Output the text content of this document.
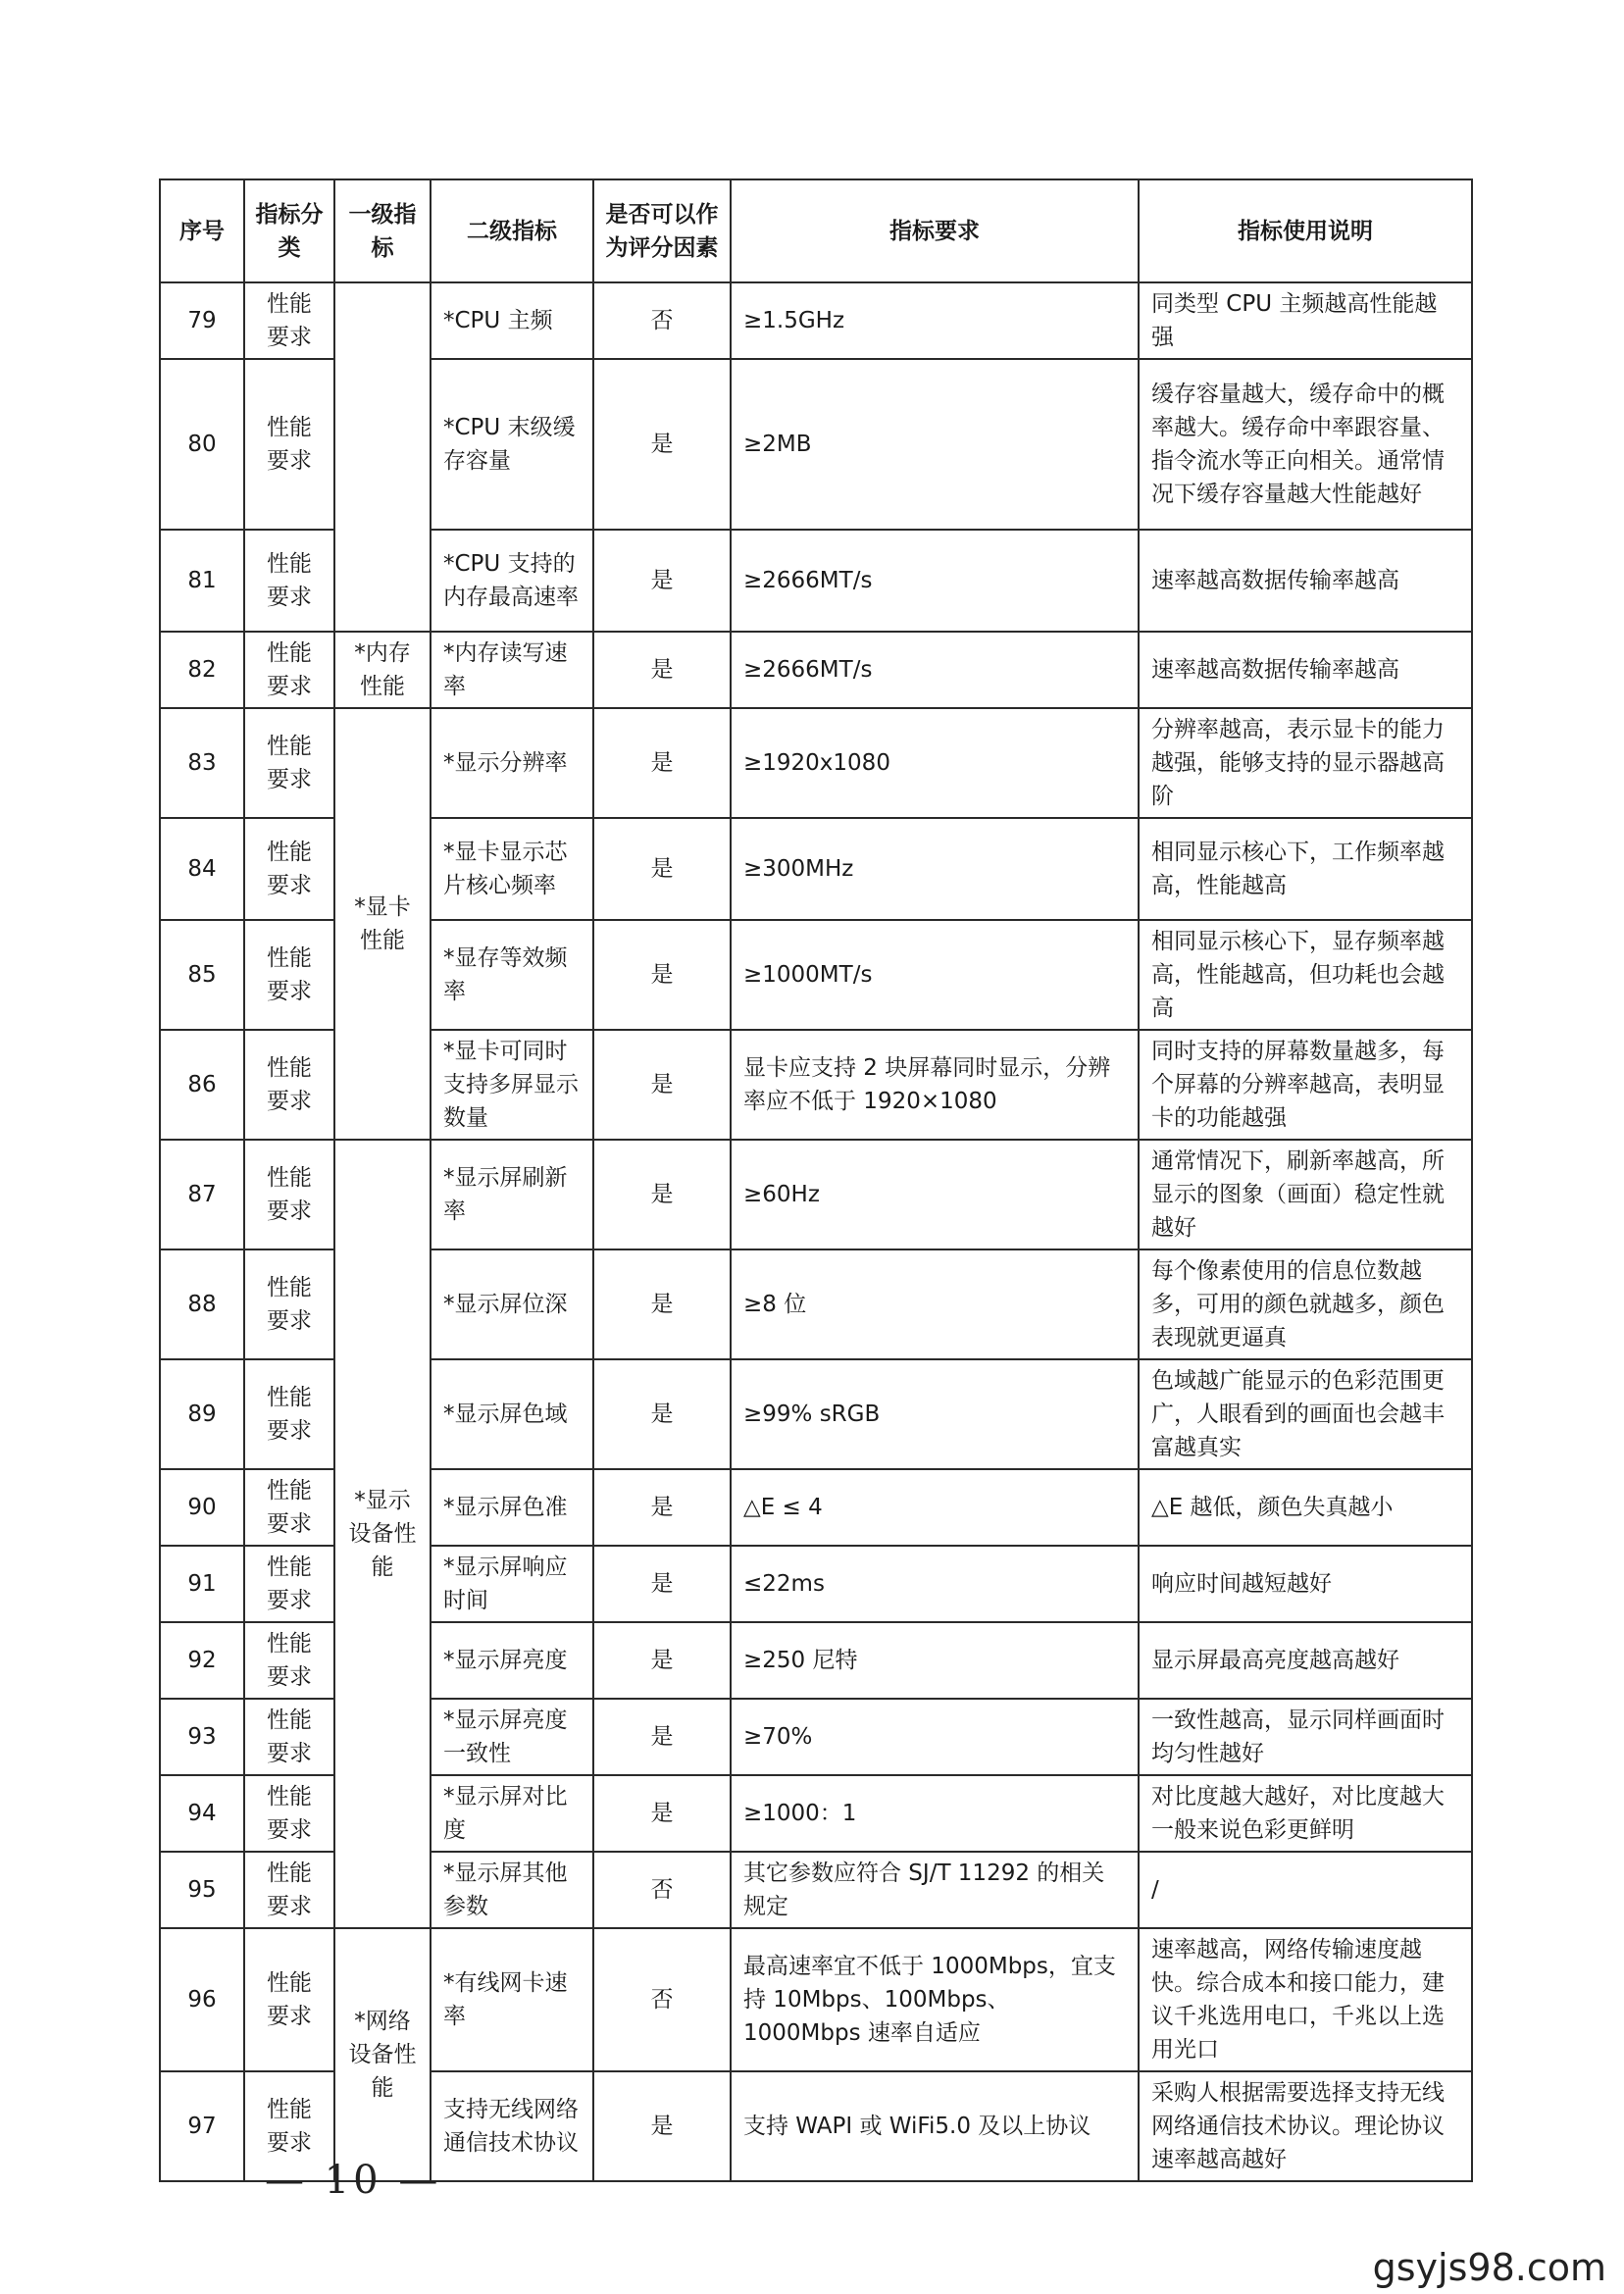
序号	指标分类	一级指标	二级指标	是否可以作为评分因素	指标要求	指标使用说明
79	性能要求		*CPU 主频	否	≥1.5GHz	同类型 CPU 主频越高性能越强
80	性能要求		*CPU 末级缓存容量	是	≥2MB	缓存容量越大，缓存命中的概率越大。缓存命中率跟容量、指令流水等正向相关。通常情况下缓存容量越大性能越好
81	性能要求		*CPU 支持的内存最高速率	是	≥2666MT/s	速率越高数据传输率越高
82	性能要求	*内存性能	*内存读写速率	是	≥2666MT/s	速率越高数据传输率越高
83	性能要求	*显卡性能	*显示分辨率	是	≥1920x1080	分辨率越高，表示显卡的能力越强，能够支持的显示器越高阶
84	性能要求		*显卡显示芯片核心频率	是	≥300MHz	相同显示核心下，工作频率越高，性能越高
85	性能要求		*显存等效频率	是	≥1000MT/s	相同显示核心下，显存频率越高，性能越高，但功耗也会越高
86	性能要求		*显卡可同时支持多屏显示数量	是	显卡应支持 2 块屏幕同时显示，分辨率应不低于 1920×1080	同时支持的屏幕数量越多，每个屏幕的分辨率越高，表明显卡的功能越强
87	性能要求	*显示设备性能	*显示屏刷新率	是	≥60Hz	通常情况下，刷新率越高，所显示的图象（画面）稳定性就越好
88	性能要求		*显示屏位深	是	≥8 位	每个像素使用的信息位数越多，可用的颜色就越多，颜色表现就更逼真
89	性能要求		*显示屏色域	是	≥99% sRGB	色域越广能显示的色彩范围更广，人眼看到的画面也会越丰富越真实
90	性能要求		*显示屏色准	是	△E ≤ 4	△E 越低，颜色失真越小
91	性能要求		*显示屏响应时间	是	≤22ms	响应时间越短越好
92	性能要求		*显示屏亮度	是	≥250 尼特	显示屏最高亮度越高越好
93	性能要求		*显示屏亮度一致性	是	≥70%	一致性越高，显示同样画面时均匀性越好
94	性能要求		*显示屏对比度	是	≥1000：1	对比度越大越好，对比度越大一般来说色彩更鲜明
95	性能要求		*显示屏其他参数	否	其它参数应符合 SJ/T 11292 的相关规定	/
96	性能要求	*网络设备性能	*有线网卡速率	否	最高速率宜不低于 1000Mbps，宜支持 10Mbps、100Mbps、1000Mbps 速率自适应	速率越高，网络传输速度越快。综合成本和接口能力，建议千兆选用电口，千兆以上选用光口
97	性能要求		支持无线网络通信技术协议	是	支持 WAPI 或 WiFi5.0 及以上协议	采购人根据需要选择支持无线网络通信技术协议。理论协议速率越高越好
— 10 —
gsyjs98.com
